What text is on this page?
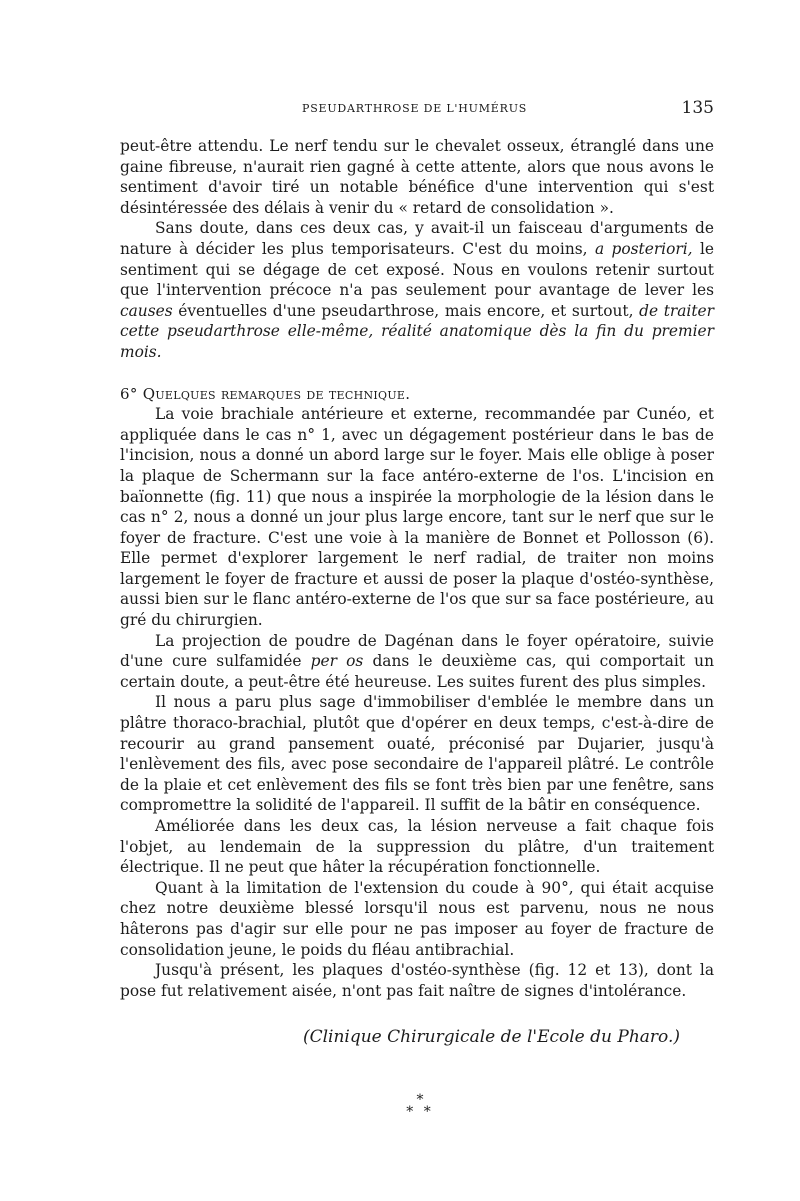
PSEUDARTHROSE DE L'HUMÉRUS	135

peut-être attendu. Le nerf tendu sur le chevalet osseux, étranglé dans une gaine fibreuse, n'aurait rien gagné à cette attente, alors que nous avons le sentiment d'avoir tiré un notable bénéfice d'une intervention qui s'est désintéressée des délais à venir du « retard de consolidation ».

Sans doute, dans ces deux cas, y avait-il un faisceau d'arguments de nature à décider les plus temporisateurs. C'est du moins, a posteriori, le sentiment qui se dégage de cet exposé. Nous en voulons retenir surtout que l'intervention précoce n'a pas seulement pour avantage de lever les causes éventuelles d'une pseudarthrose, mais encore, et surtout, de traiter cette pseudarthrose elle-même, réalité anatomique dès la fin du premier mois.

6° Quelques remarques de technique.

La voie brachiale antérieure et externe, recommandée par Cunéo, et appliquée dans le cas n° 1, avec un dégagement postérieur dans le bas de l'incision, nous a donné un abord large sur le foyer. Mais elle oblige à poser la plaque de Schermann sur la face antéro-externe de l'os. L'incision en baïonnette (fig. 11) que nous a inspirée la morphologie de la lésion dans le cas n° 2, nous a donné un jour plus large encore, tant sur le nerf que sur le foyer de fracture. C'est une voie à la manière de Bonnet et Pollosson (6). Elle permet d'explorer largement le nerf radial, de traiter non moins largement le foyer de fracture et aussi de poser la plaque d'ostéo-synthèse, aussi bien sur le flanc antéro-externe de l'os que sur sa face postérieure, au gré du chirurgien.

La projection de poudre de Dagénan dans le foyer opératoire, suivie d'une cure sulfamidée per os dans le deuxième cas, qui comportait un certain doute, a peut-être été heureuse. Les suites furent des plus simples.

Il nous a paru plus sage d'immobiliser d'emblée le membre dans un plâtre thoraco-brachial, plutôt que d'opérer en deux temps, c'est-à-dire de recourir au grand pansement ouaté, préconisé par Dujarier, jusqu'à l'enlèvement des fils, avec pose secondaire de l'appareil plâtré. Le contrôle de la plaie et cet enlèvement des fils se font très bien par une fenêtre, sans compromettre la solidité de l'appareil. Il suffit de la bâtir en conséquence.

Améliorée dans les deux cas, la lésion nerveuse a fait chaque fois l'objet, au lendemain de la suppression du plâtre, d'un traitement électrique. Il ne peut que hâter la récupération fonctionnelle.

Quant à la limitation de l'extension du coude à 90°, qui était acquise chez notre deuxième blessé lorsqu'il nous est parvenu, nous ne nous hâterons pas d'agir sur elle pour ne pas imposer au foyer de fracture de consolidation jeune, le poids du fléau antibrachial.

Jusqu'à présent, les plaques d'ostéo-synthèse (fig. 12 et 13), dont la pose fut relativement aisée, n'ont pas fait naître de signes d'intolérance.

(Clinique Chirurgicale de l'Ecole du Pharo.)
*
* *
